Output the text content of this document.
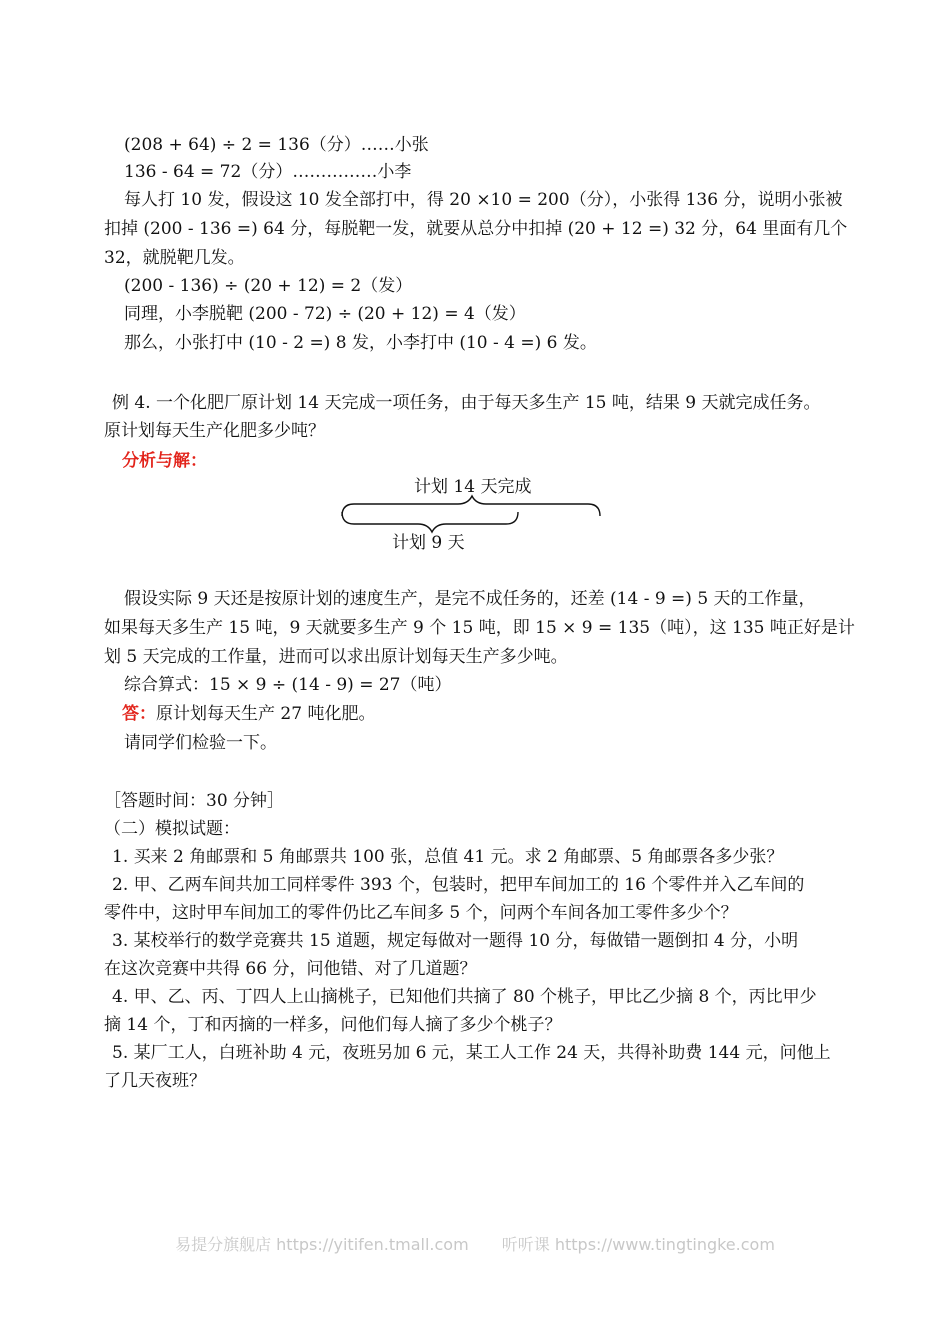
(208 + 64) ÷ 2 = 136（分）……小张
136 - 64 = 72（分）……………小李
每人打 10 发，假设这 10 发全部打中，得 20 ×10 = 200（分），小张得 136 分，说明小张被
扣掉 (200 - 136 =) 64 分，每脱靶一发，就要从总分中扣掉 (20 + 12 =) 32 分，64 里面有几个
32，就脱靶几发。
(200 - 136) ÷ (20 + 12) = 2（发）
同理，小李脱靶 (200 - 72) ÷ (20 + 12) = 4（发）
那么，小张打中 (10 - 2 =) 8 发，小李打中 (10 - 4 =) 6 发。
例 4. 一个化肥厂原计划 14 天完成一项任务，由于每天多生产 15 吨，结果 9 天就完成任务。
原计划每天生产化肥多少吨？
分析与解：
计划 14 天完成
计划 9 天
假设实际 9 天还是按原计划的速度生产，是完不成任务的，还差 (14 - 9 =) 5 天的工作量，
如果每天多生产 15 吨，9 天就要多生产 9 个 15 吨，即 15 × 9 = 135（吨），这 135 吨正好是计
划 5 天完成的工作量，进而可以求出原计划每天生产多少吨。
综合算式：15 × 9 ÷ (14 - 9) = 27（吨）
答：原计划每天生产 27 吨化肥。
请同学们检验一下。
［答题时间：30 分钟］
（二）模拟试题：
1. 买来 2 角邮票和 5 角邮票共 100 张，总值 41 元。求 2 角邮票、5 角邮票各多少张？
2. 甲、乙两车间共加工同样零件 393 个，包装时，把甲车间加工的 16 个零件并入乙车间的
零件中，这时甲车间加工的零件仍比乙车间多 5 个，问两个车间各加工零件多少个？
3. 某校举行的数学竞赛共 15 道题，规定每做对一题得 10 分，每做错一题倒扣 4 分，小明
在这次竞赛中共得 66 分，问他错、对了几道题？
4. 甲、乙、丙、丁四人上山摘桃子，已知他们共摘了 80 个桃子，甲比乙少摘 8 个，丙比甲少
摘 14 个，丁和丙摘的一样多，问他们每人摘了多少个桃子？
5. 某厂工人，白班补助 4 元，夜班另加 6 元，某工人工作 24 天，共得补助费 144 元，问他上
了几天夜班？
易提分旗舰店 https://yitifen.tmall.com 听听课 https://www.tingtingke.com
